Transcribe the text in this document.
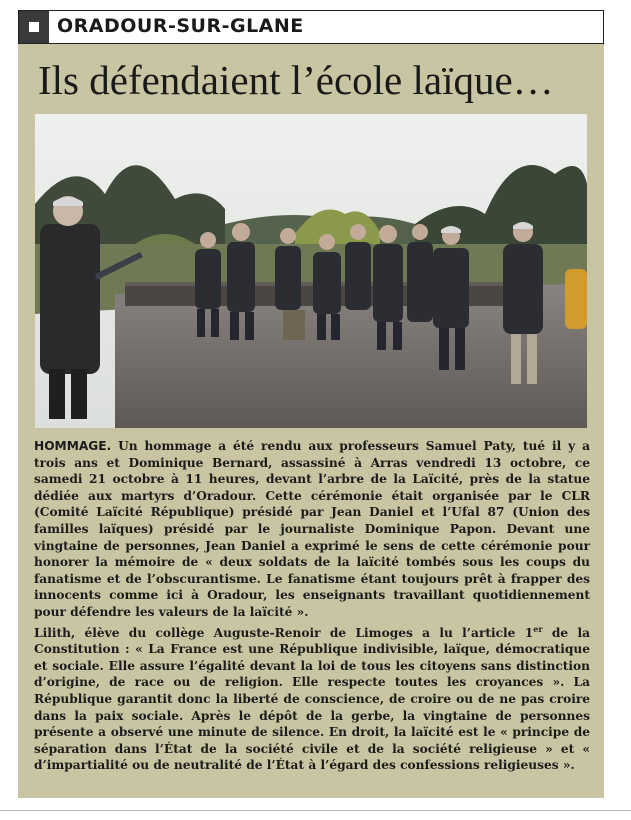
ORADOUR-SUR-GLANE
Ils défendaient l’école laïque…

HOMMAGE. Un hommage a été rendu aux professeurs Samuel Paty, tué il y a trois ans et Dominique Bernard, assassiné à Arras vendredi 13 octobre, ce samedi 21 octobre à 11 heures, devant l’arbre de la Laïcité, près de la statue dédiée aux martyrs d’Oradour. Cette cérémonie était organisée par le CLR (Comité Laïcité République) présidé par Jean Daniel et l’Ufal 87 (Union des familles laïques) présidé par le journaliste Dominique Papon. Devant une vingtaine de personnes, Jean Daniel a exprimé le sens de cette cérémonie pour honorer la mémoire de « deux soldats de la laïcité tombés sous les coups du fanatisme et de l’obscurantisme. Le fanatisme étant toujours prêt à frapper des innocents comme ici à Oradour, les enseignants travaillant quotidiennement pour défendre les valeurs de la laïcité ».

Lilith, élève du collège Auguste-Renoir de Limoges a lu l’article 1er de la Constitution : « La France est une République indivisible, laïque, démocratique et sociale. Elle assure l’égalité devant la loi de tous les citoyens sans distinction d’origine, de race ou de religion. Elle respecte toutes les croyances ». La République garantit donc la liberté de conscience, de croire ou de ne pas croire dans la paix sociale. Après le dépôt de la gerbe, la vingtaine de personnes présente a observé une minute de silence. En droit, la laïcité est le « principe de séparation dans l’État de la société civile et de la société religieuse » et « d’impartialité ou de neutralité de l’État à l’égard des confessions religieuses ».
